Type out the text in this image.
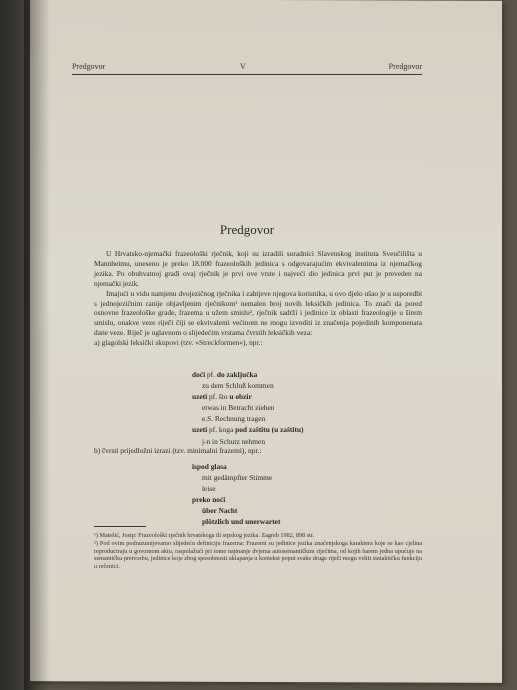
Predgovor	V	Predgovor
Predgovor

U Hrvatsko-njemački frazeološki rječnik, koji su izradili suradnici Slavenskog instituta Sveučilišta u Mannheimu, uneseno je preko 18.000 frazeoloških jedinica s odgovarajućim ekvivalentima iz njemačkog jezika. Po obuhvatnoj građi ovaj rječnik je prvi ove vrste i najveći dio jedinica prvi put je preveden na njemački jezik.

Imajući u vidu namjenu dvojezičnog rječnika i zahtjeve njegova korisnika, u ovo djelo ušao je u usporedbi s jednojezičnim ranije objavljenim rječnikom¹ nemalen broj novih leksičkih jedinica. To znači da pored osnovne frazeološke građe, frazema u užem smislu², rječnik sadrži i jedinice iz oblasti frazeologije u širem smislu, onakve veze riječi čiji se ekvivalenti većinom ne mogu izvoditi iz značenja pojedinih komponenata dane veze. Riječ je uglavnom o slijedećim vrstama čvrstih leksičkih veza:

a) glagolski leksički skupovi (tzv. »Streckformen«), npr.:

doći pf. do zaključka
zu dem Schluß kommen
uzeti pf. što u obzir
etwas in Betracht ziehen
e.S. Rechnung tragen
uzeti pf. koga pod zaštitu (u zaštitu)
j-n in Schutz nehmen
b) čvrsti prijedložni izrazi (tzv. minimalni frazemi), npr.:
ispod glasa
mit gedämpfter Stimme
leise
preko noći
über Nacht
plötzlich und unerwartet
¹) Matešić, Josip: Frazeološki rječnik hrvatskoga ili srpskog jezika. Zagreb 1982, 898 str.
²) Pod ovim podrazumijevamo slijedeću definiciju frazema: Frazemi su jedinice jezika značenjskoga karaktera koje se kao cjelina reproduciraju u govornom aktu, raspolažući pri tome najmanje dvjema autosemantičkim riječima, od kojih barem jedna upućuje na semantičku pretvorbu, jedinice koje zbog sposobnosti uklapanja u kontekst poput svake druge riječi mogu vršiti sintaktičku funkciju u rečenici.
